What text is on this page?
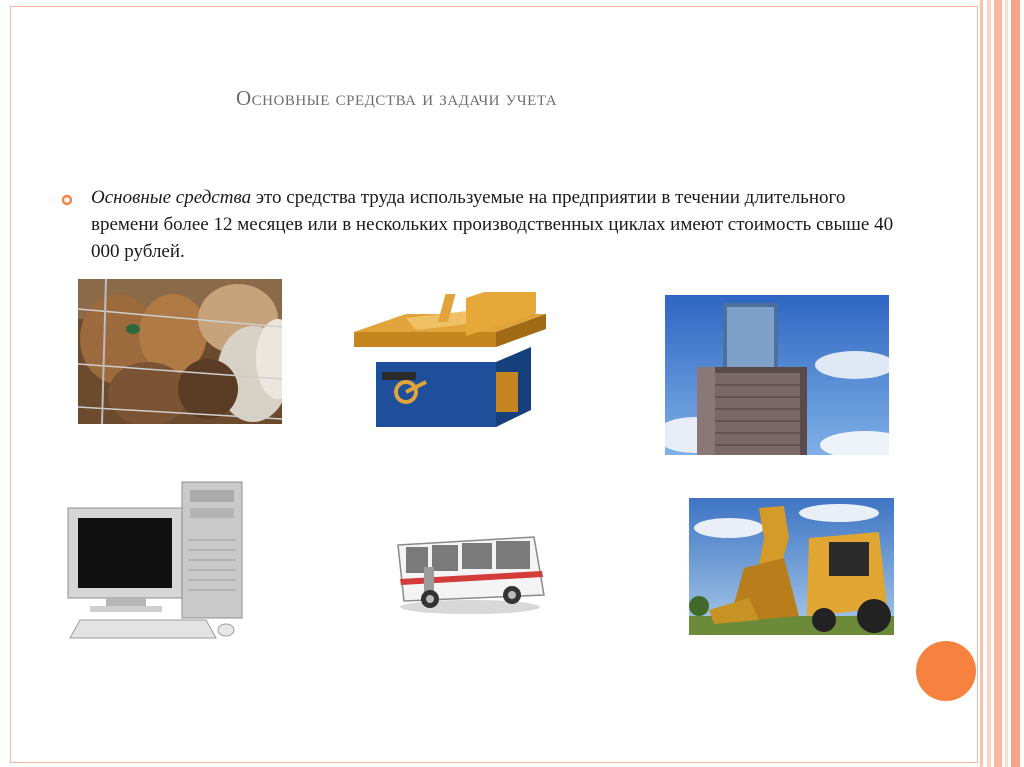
Основные средства и задачи учета
Основные средства это средства труда используемые на предприятии в течении длительного времени более 12 месяцев или в нескольких производственных циклах имеют стоимость свыше 40 000 рублей.
